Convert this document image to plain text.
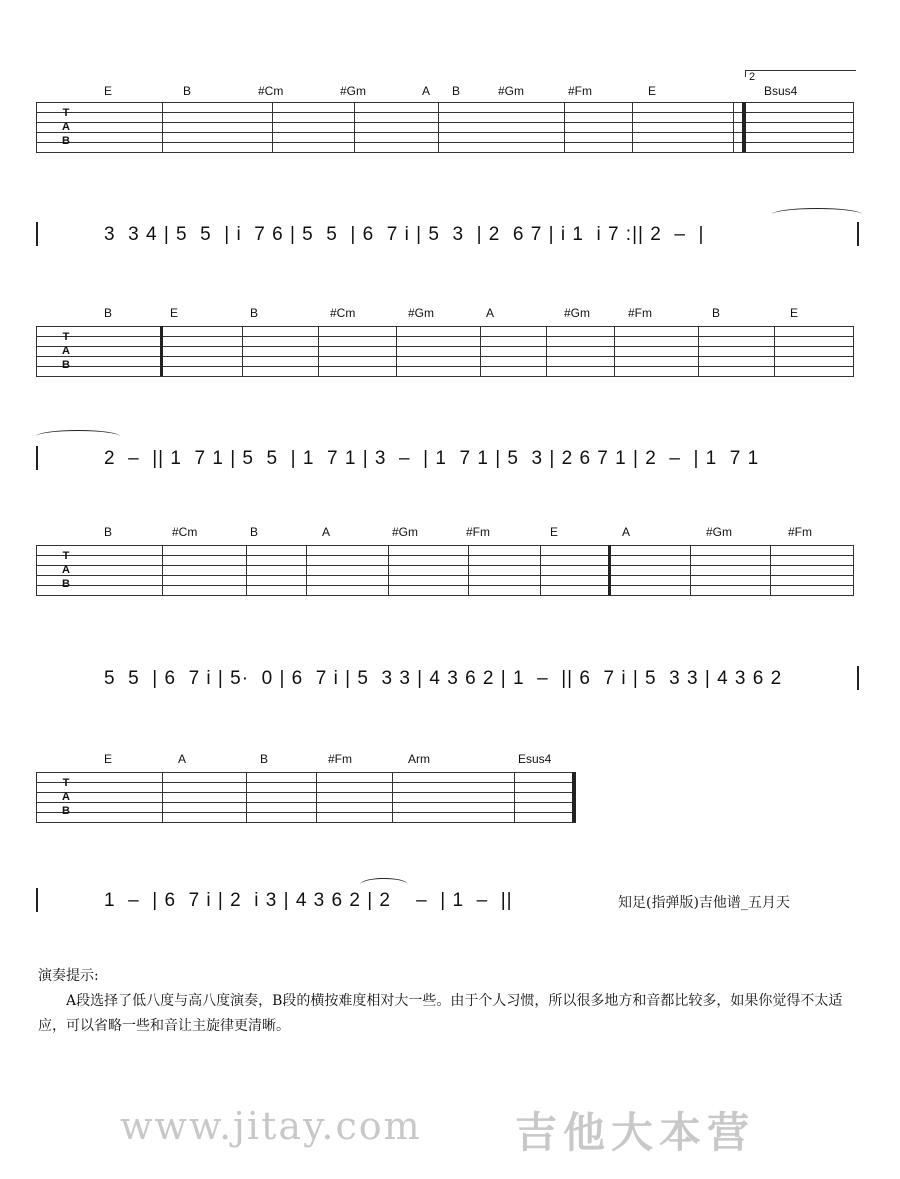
2
E	B	#Cm	#Gm	A B	#Gm	#Fm	E	Bsus4
T
A
B
3  3 4 | 5  5  | i  7 6 | 5  5  | 6  7 i | 5  3  | 2  6 7 | i 1  i 7 :|| 2  –  |
B	E	B	#Cm	#Gm	A	#Gm	#Fm	B	E
T
A
B
2  –  || 1  7 1 | 5  5  | 1  7 1 | 3  –  | 1  7 1 | 5  3 | 2 6 7 1 | 2  –  | 1  7 1
B	#Cm	B	A	#Gm	#Fm	E	A	#Gm	#Fm
T
A
B
5  5  | 6  7 i | 5·  0 | 6  7 i | 5  3 3 | 4 3 6 2 | 1  –  || 6  7 i | 5  3 3 | 4 3 6 2
E	A	B	#Fm	Arm	Esus4
T
A
B
1  –  | 6  7 i | 2  i 3 | 4 3 6 2 | 2    –  | 1  –  ||	知足(指弹版)吉他谱_五月天
演奏提示:
A段选择了低八度与高八度演奏，B段的横按难度相对大一些。由于个人习惯，所以很多地方和音都比较多，如果你觉得不太适应，可以省略一些和音让主旋律更清晰。
www.jitay.com 吉他大本营
